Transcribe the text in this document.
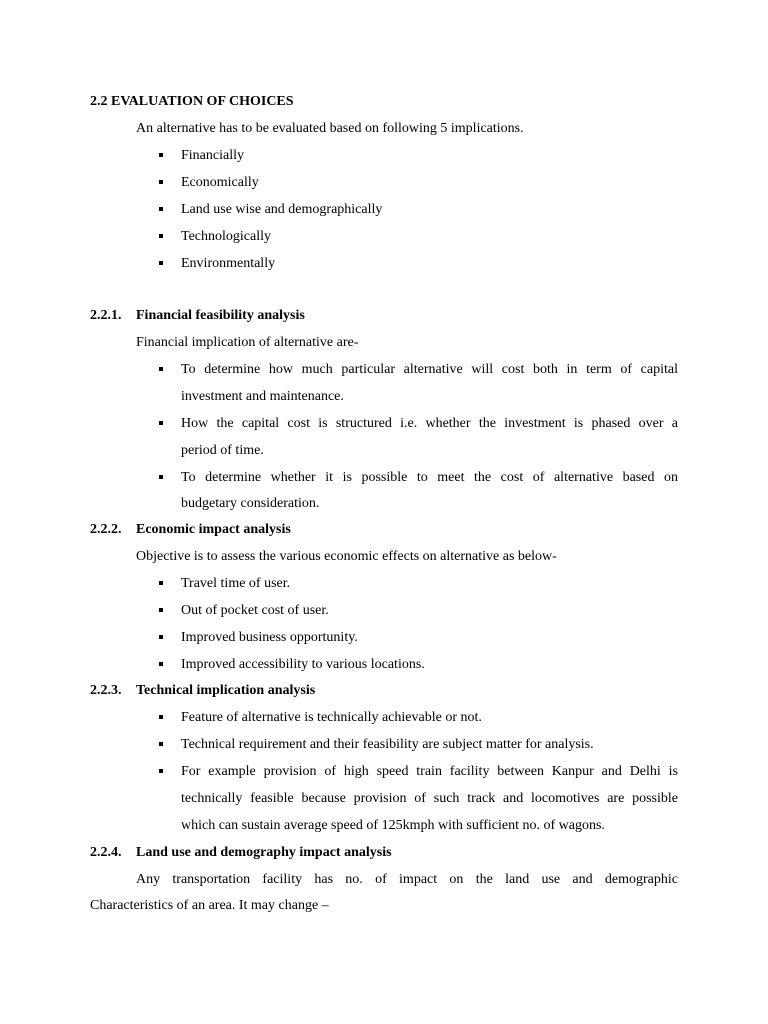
2.2 EVALUATION OF CHOICES
An alternative has to be evaluated based on following 5 implications.
Financially
Economically
Land use wise and demographically
Technologically
Environmentally
2.2.1. Financial feasibility analysis
Financial implication of alternative are-
To determine how much particular alternative will cost both in term of capital
investment and maintenance.
How the capital cost is structured i.e. whether the investment is phased over a
period of time.
To determine whether it is possible to meet the cost of alternative based on
budgetary consideration.
2.2.2. Economic impact analysis
Objective is to assess the various economic effects on alternative as below-
Travel time of user.
Out of pocket cost of user.
Improved business opportunity.
Improved accessibility to various locations.
2.2.3. Technical implication analysis
Feature of alternative is technically achievable or not.
Technical requirement and their feasibility are subject matter for analysis.
For example provision of high speed train facility between Kanpur and Delhi is
technically feasible because provision of such track and locomotives are possible
which can sustain average speed of 125kmph with sufficient no. of wagons.
2.2.4. Land use and demography impact analysis
Any transportation facility has no. of impact on the land use and demographic
Characteristics of an area. It may change –
